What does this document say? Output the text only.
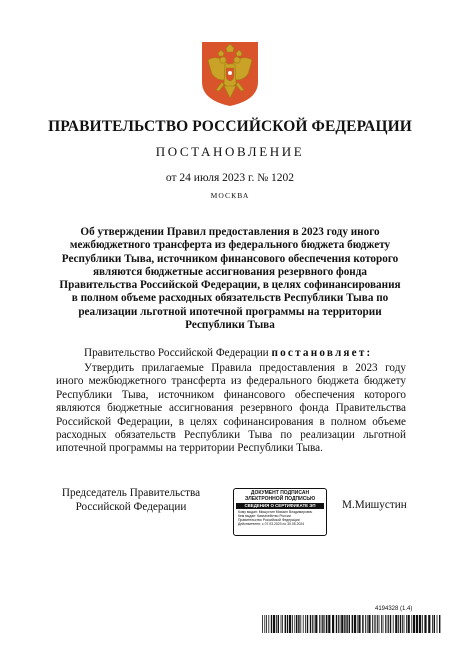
ПРАВИТЕЛЬСТВО РОССИЙСКОЙ ФЕДЕРАЦИИ
ПОСТАНОВЛЕНИЕ
от 24 июля 2023 г. № 1202
МОСКВА
Об утверждении Правил предоставления в 2023 году иного межбюджетного трансферта из федерального бюджета бюджету Республики Тыва, источником финансового обеспечения которого являются бюджетные ассигнования резервного фонда Правительства Российской Федерации, в целях софинансирования в полном объеме расходных обязательств Республики Тыва по реализации льготной ипотечной программы на территории Республики Тыва
Правительство Российской Федерации постановляет:
Утвердить прилагаемые Правила предоставления в 2023 году иного межбюджетного трансферта из федерального бюджета бюджету Республики Тыва, источником финансового обеспечения которого являются бюджетные ассигнования резервного фонда Правительства Российской Федерации, в целях софинансирования в полном объеме расходных обязательств Республики Тыва по реализации льготной ипотечной программы на территории Республики Тыва.
Председатель Правительства
Российской Федерации
ДОКУМЕНТ ПОДПИСАН
ЭЛЕКТРОННОЙ ПОДПИСЬЮ
СВЕДЕНИЯ О СЕРТИФИКАТЕ ЭП
Кому выдан: Мишустин Михаил Владимирович
Кем выдан: Казначейство России
Правительство Российской Федерации
Действителен: с 07.03.2023 по 30.05.2024
М.Мишустин
4194328 (1.4)
